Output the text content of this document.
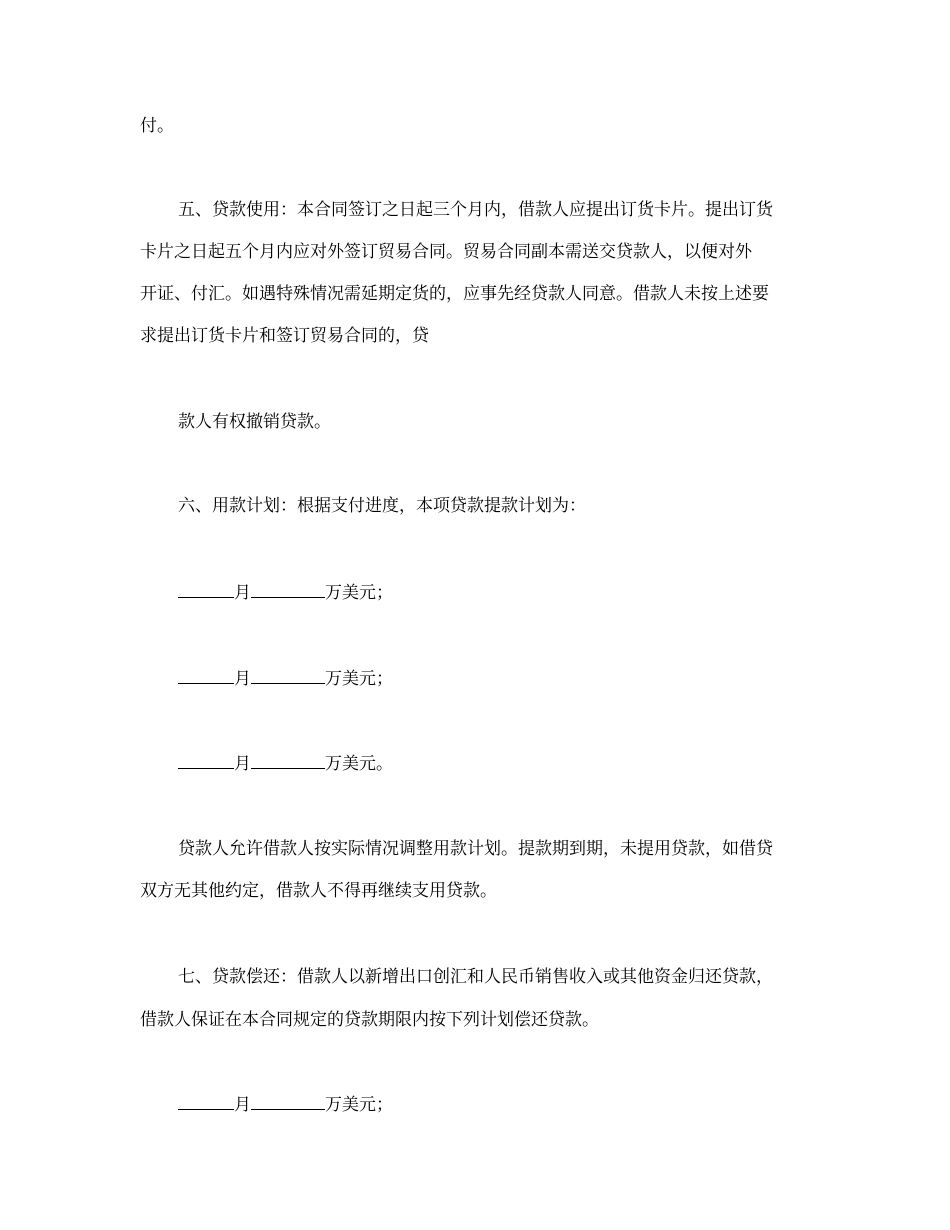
付。
五、贷款使用：本合同签订之日起三个月内，借款人应提出订货卡片。提出订货
卡片之日起五个月内应对外签订贸易合同。贸易合同副本需送交贷款人，以便对外
开证、付汇。如遇特殊情况需延期定货的，应事先经贷款人同意。借款人未按上述要
求提出订货卡片和签订贸易合同的，贷
款人有权撤销贷款。
六、用款计划：根据支付进度，本项贷款提款计划为：
月	万美元；
月	万美元；
月	万美元。
贷款人允许借款人按实际情况调整用款计划。提款期到期，未提用贷款，如借贷
双方无其他约定，借款人不得再继续支用贷款。
七、贷款偿还：借款人以新增出口创汇和人民币销售收入或其他资金归还贷款，
借款人保证在本合同规定的贷款期限内按下列计划偿还贷款。
月	万美元；
